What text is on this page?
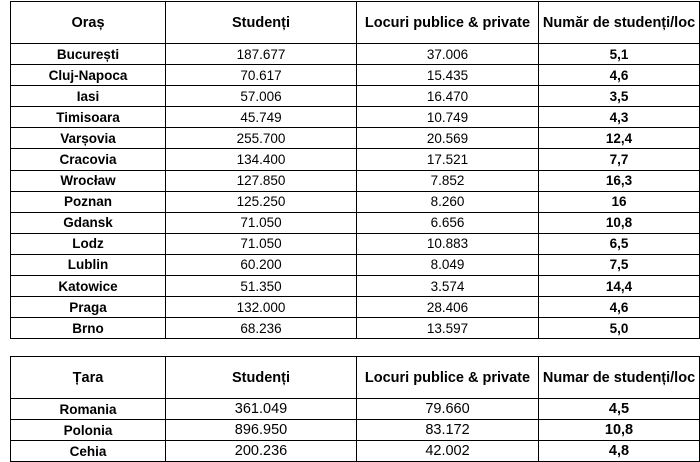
Oraș	Studenți	Locuri publice & private	Număr de studenți/loc
București	187.677	37.006	5,1
Cluj-Napoca	70.617	15.435	4,6
Iasi	57.006	16.470	3,5
Timisoara	45.749	10.749	4,3
Varșovia	255.700	20.569	12,4
Cracovia	134.400	17.521	7,7
Wrocław	127.850	7.852	16,3
Poznan	125.250	8.260	16
Gdansk	71.050	6.656	10,8
Lodz	71.050	10.883	6,5
Lublin	60.200	8.049	7,5
Katowice	51.350	3.574	14,4
Praga	132.000	28.406	4,6
Brno	68.236	13.597	5,0
Țara	Studenți	Locuri publice & private	Numar de studenți/loc
Romania	361.049	79.660	4,5
Polonia	896.950	83.172	10,8
Cehia	200.236	42.002	4,8
